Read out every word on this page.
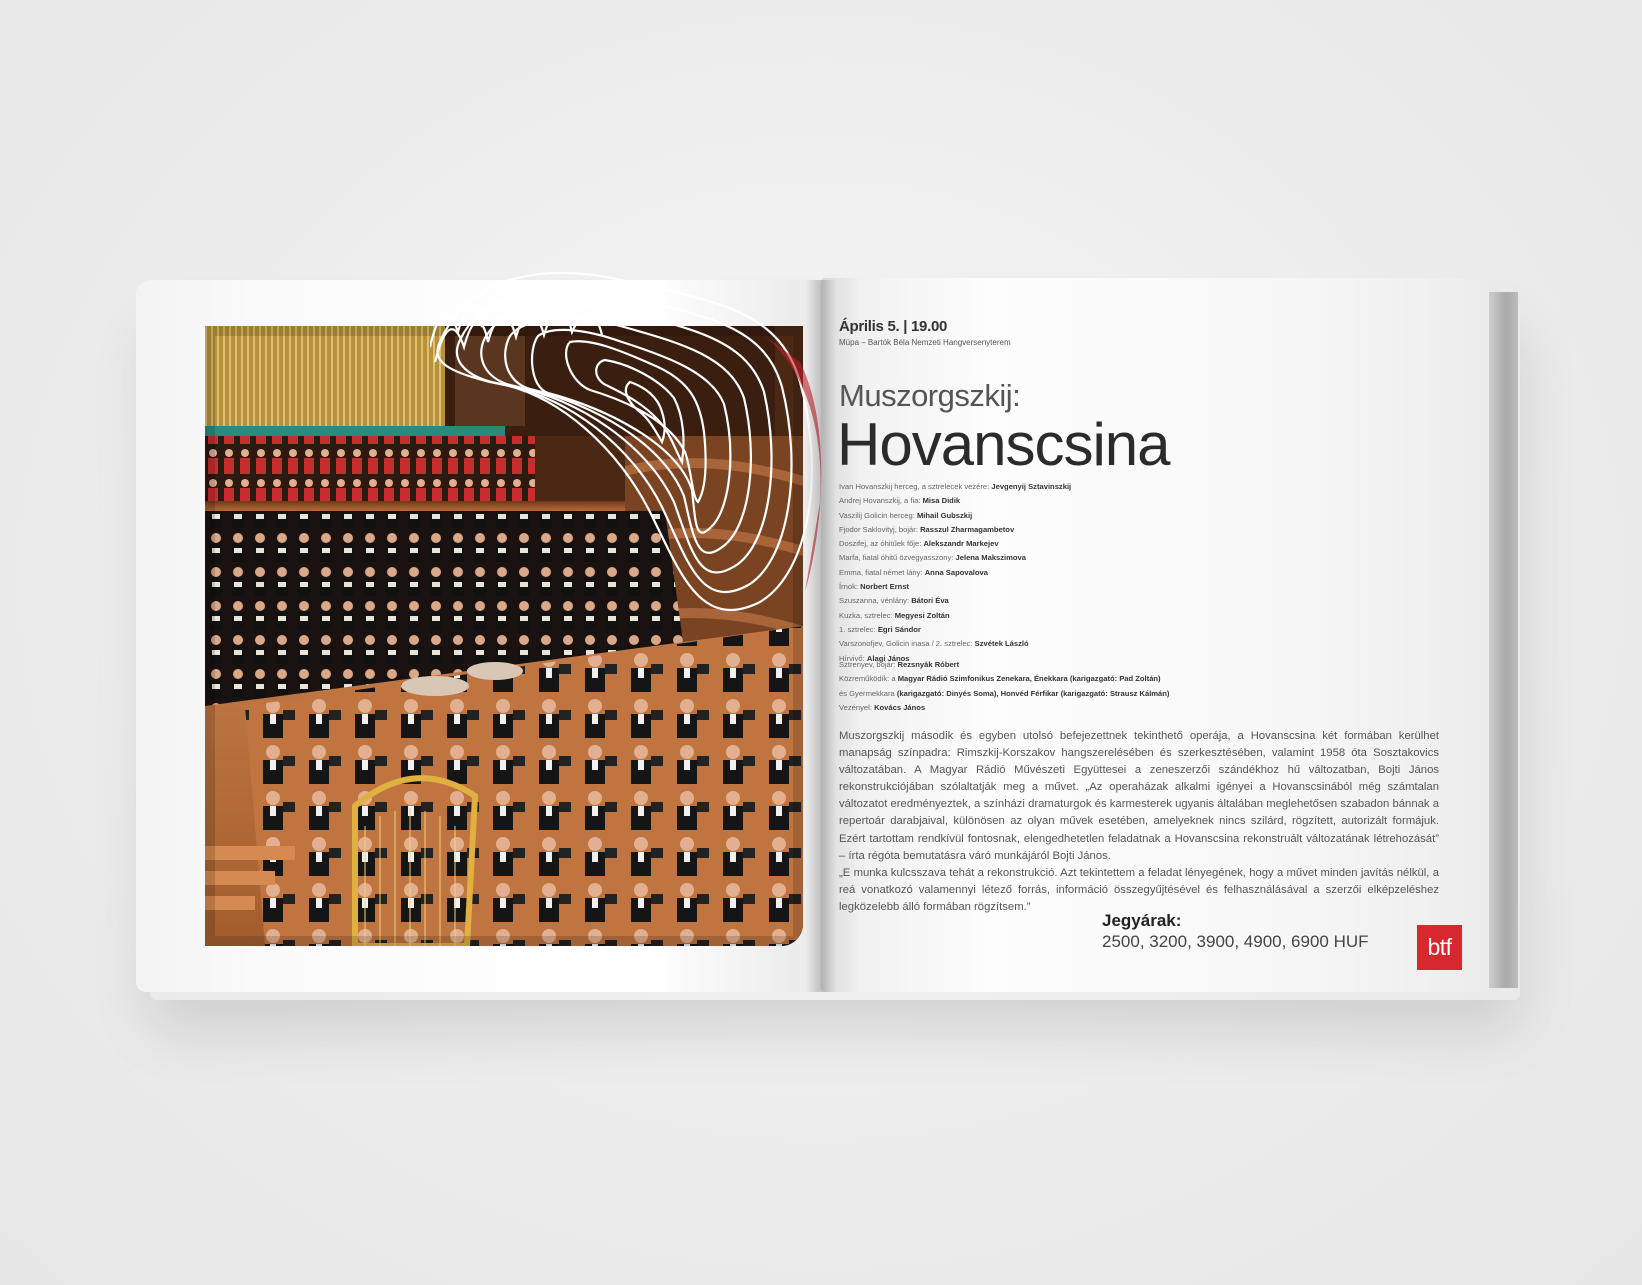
Április 5. | 19.00
Müpa – Bartók Béla Nemzeti Hangversenyterem
Muszorgszkij:
Hovanscsina
Ivan Hovanszkij herceg, a sztrelecek vezére: Jevgenyij Sztavinszkij
Andrej Hovanszkij, a fia: Misa Didik
Vaszilij Golicin herceg: Mihail Gubszkij
Fjodor Saklovityj, bojár: Rasszul Zharmagambetov
Doszifej, az óhitűek fője: Alekszandr Markejev
Marfa, fiatal óhitű özvegyasszony: Jelena Makszimova
Emma, fiatal német lány: Anna Sapovalova
Írnok: Norbert Ernst
Szuszanna, vénlány: Bátori Éva
Kuzka, sztrelec: Megyesi Zoltán
1. sztrelec: Egri Sándor
Varszonofjev, Golicin inasa / 2. sztrelec: Szvétek László
Hírvivő: Alagi János
Sztrenyev, bojár: Rezsnyák Róbert
Közreműködik: a Magyar Rádió Szimfonikus Zenekara, Énekkara (karigazgató: Pad Zoltán)
és Gyermekkara (karigazgató: Dinyés Soma), Honvéd Férfikar (karigazgató: Strausz Kálmán)
Vezényel: Kovács János

Muszorgszkij második és egyben utolsó befejezettnek tekinthető operája, a Hovanscsina két formában kerülhet manapság színpadra: Rimszkij-Korszakov hangszerelésében és szerkesztésében, valamint 1958 óta Sosztakovics változatában. A Magyar Rádió Művészeti Együttesei a zeneszerzői szándékhoz hű változatban, Bojti János rekonstrukciójában szólaltatják meg a művet. „Az operaházak alkalmi igényei a Hovanscsinából még számtalan változatot eredményeztek, a színházi dramaturgok és karmesterek ugyanis általában meglehetősen szabadon bánnak a repertoár darabjaival, különösen az olyan művek esetében, amelyeknek nincs szilárd, rögzített, autorizált formájuk. Ezért tartottam rendkívül fontosnak, elengedhetetlen feladatnak a Hovanscsina rekonstruált változatának létrehozását” – írta régóta bemutatásra váró munkájáról Bojti János.

„E munka kulcsszava tehát a rekonstrukció. Azt tekintettem a feladat lényegének, hogy a művet minden javítás nélkül, a reá vonatkozó valamennyi létező forrás, információ összegyűjtésével és felhasználásával a szerzői elképzeléshez legközelebb álló formában rögzítsem.”

Jegyárak:
2500, 3200, 3900, 4900, 6900 HUF	btf
